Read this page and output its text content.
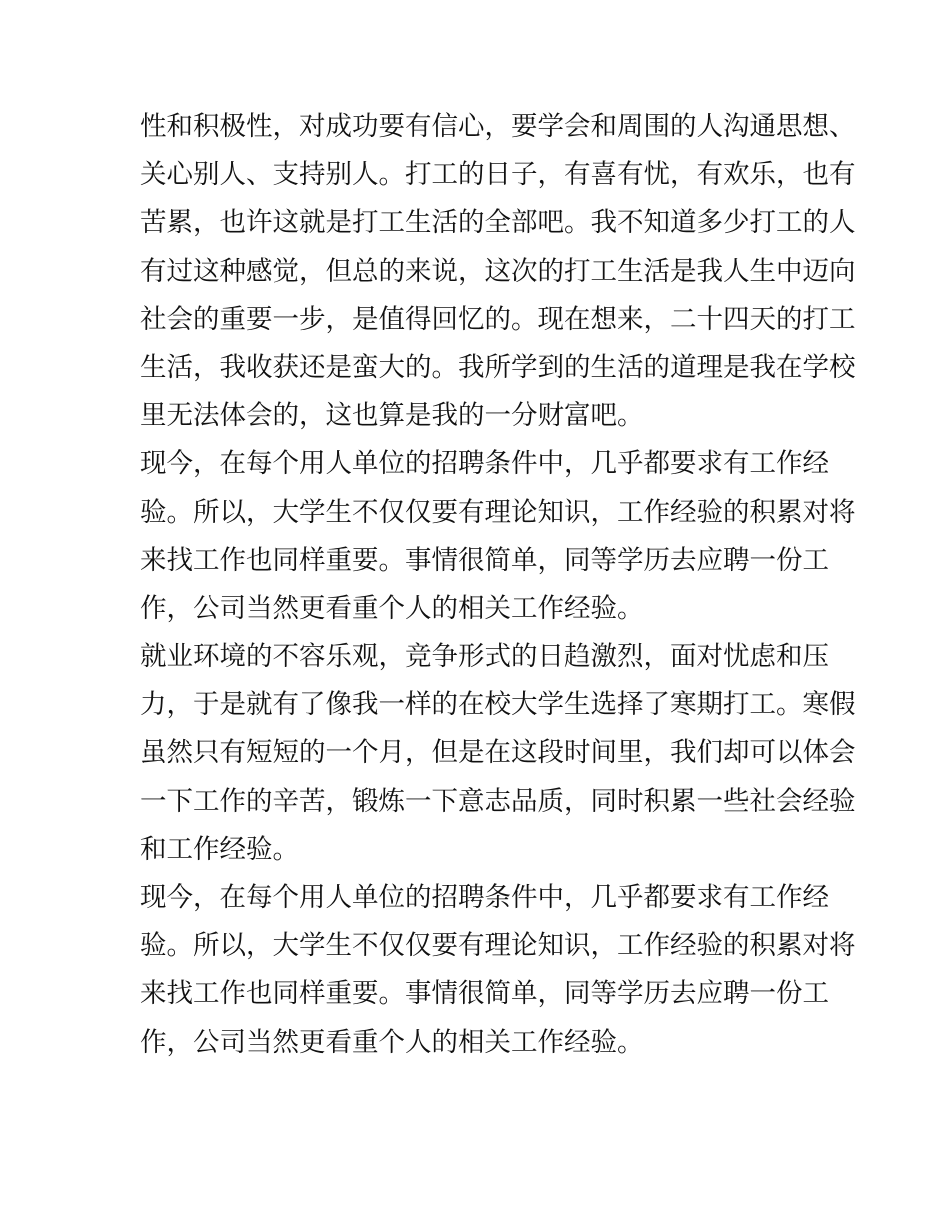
性和积极性，对成功要有信心，要学会和周围的人沟通思想、
关心别人、支持别人。打工的日子，有喜有忧，有欢乐，也有
苦累，也许这就是打工生活的全部吧。我不知道多少打工的人
有过这种感觉，但总的来说，这次的打工生活是我人生中迈向
社会的重要一步，是值得回忆的。现在想来，二十四天的打工
生活，我收获还是蛮大的。我所学到的生活的道理是我在学校
里无法体会的，这也算是我的一分财富吧。
现今，在每个用人单位的招聘条件中，几乎都要求有工作经
验。所以，大学生不仅仅要有理论知识，工作经验的积累对将
来找工作也同样重要。事情很简单，同等学历去应聘一份工
作，公司当然更看重个人的相关工作经验。
就业环境的不容乐观，竞争形式的日趋激烈，面对忧虑和压
力，于是就有了像我一样的在校大学生选择了寒期打工。寒假
虽然只有短短的一个月，但是在这段时间里，我们却可以体会
一下工作的辛苦，锻炼一下意志品质，同时积累一些社会经验
和工作经验。
现今，在每个用人单位的招聘条件中，几乎都要求有工作经
验。所以，大学生不仅仅要有理论知识，工作经验的积累对将
来找工作也同样重要。事情很简单，同等学历去应聘一份工
作，公司当然更看重个人的相关工作经验。
